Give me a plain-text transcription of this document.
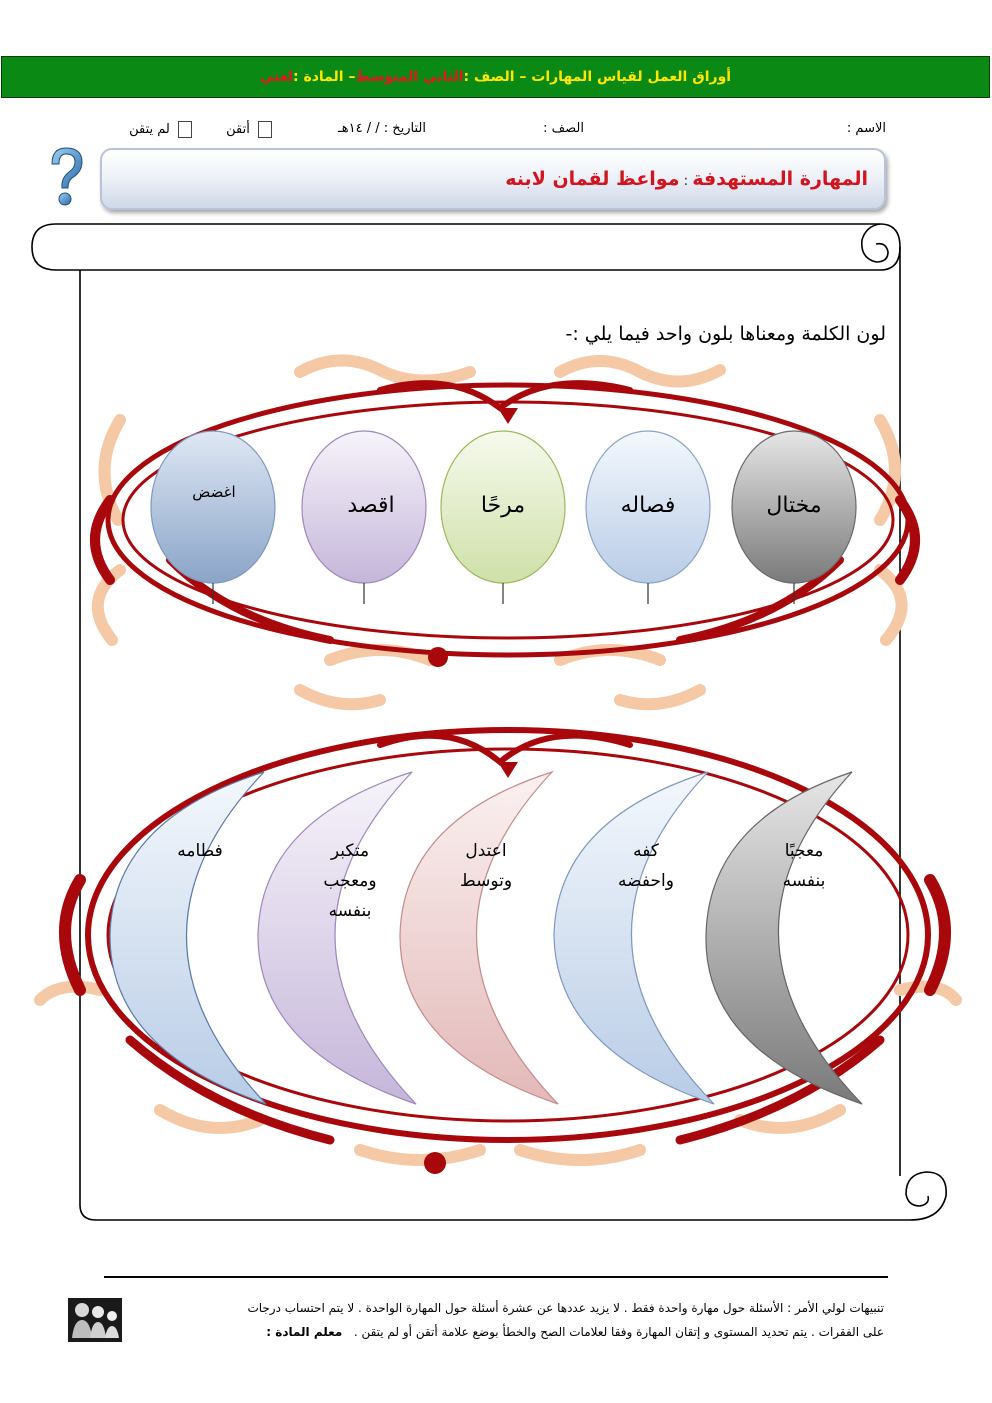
أوراق العمل لقياس المهارات – الصف :
الثاني المتوسط
– المادة :
لغتي
الاسم :
الصف :
التاريخ : / / ١٤هـ
أتقن
لم يتقن
المهارة المستهدفة:مواعظ لقمان لابنه
لون الكلمة ومعناها بلون واحد فيما يلي :-
مختال
فصاله
مرحًا
اقصد
اغضض
معجبًا
بنفسه
كفه
واحفضه
اعتدل
وتوسط
متكبر
ومعجب
بنفسه
فطامه
تنبيهات لولي الأمر : الأسئلة حول مهارة واحدة فقط . لا يزيد عددها عن عشرة أسئلة حول المهارة الواحدة . لا يتم احتساب درجات
على الفقرات . يتم تحديد المستوى و إتقان المهارة وفقا لعلامات الصح والخطأ بوضع علامة أتقن أو لم يتقن .   معلم المادة :
